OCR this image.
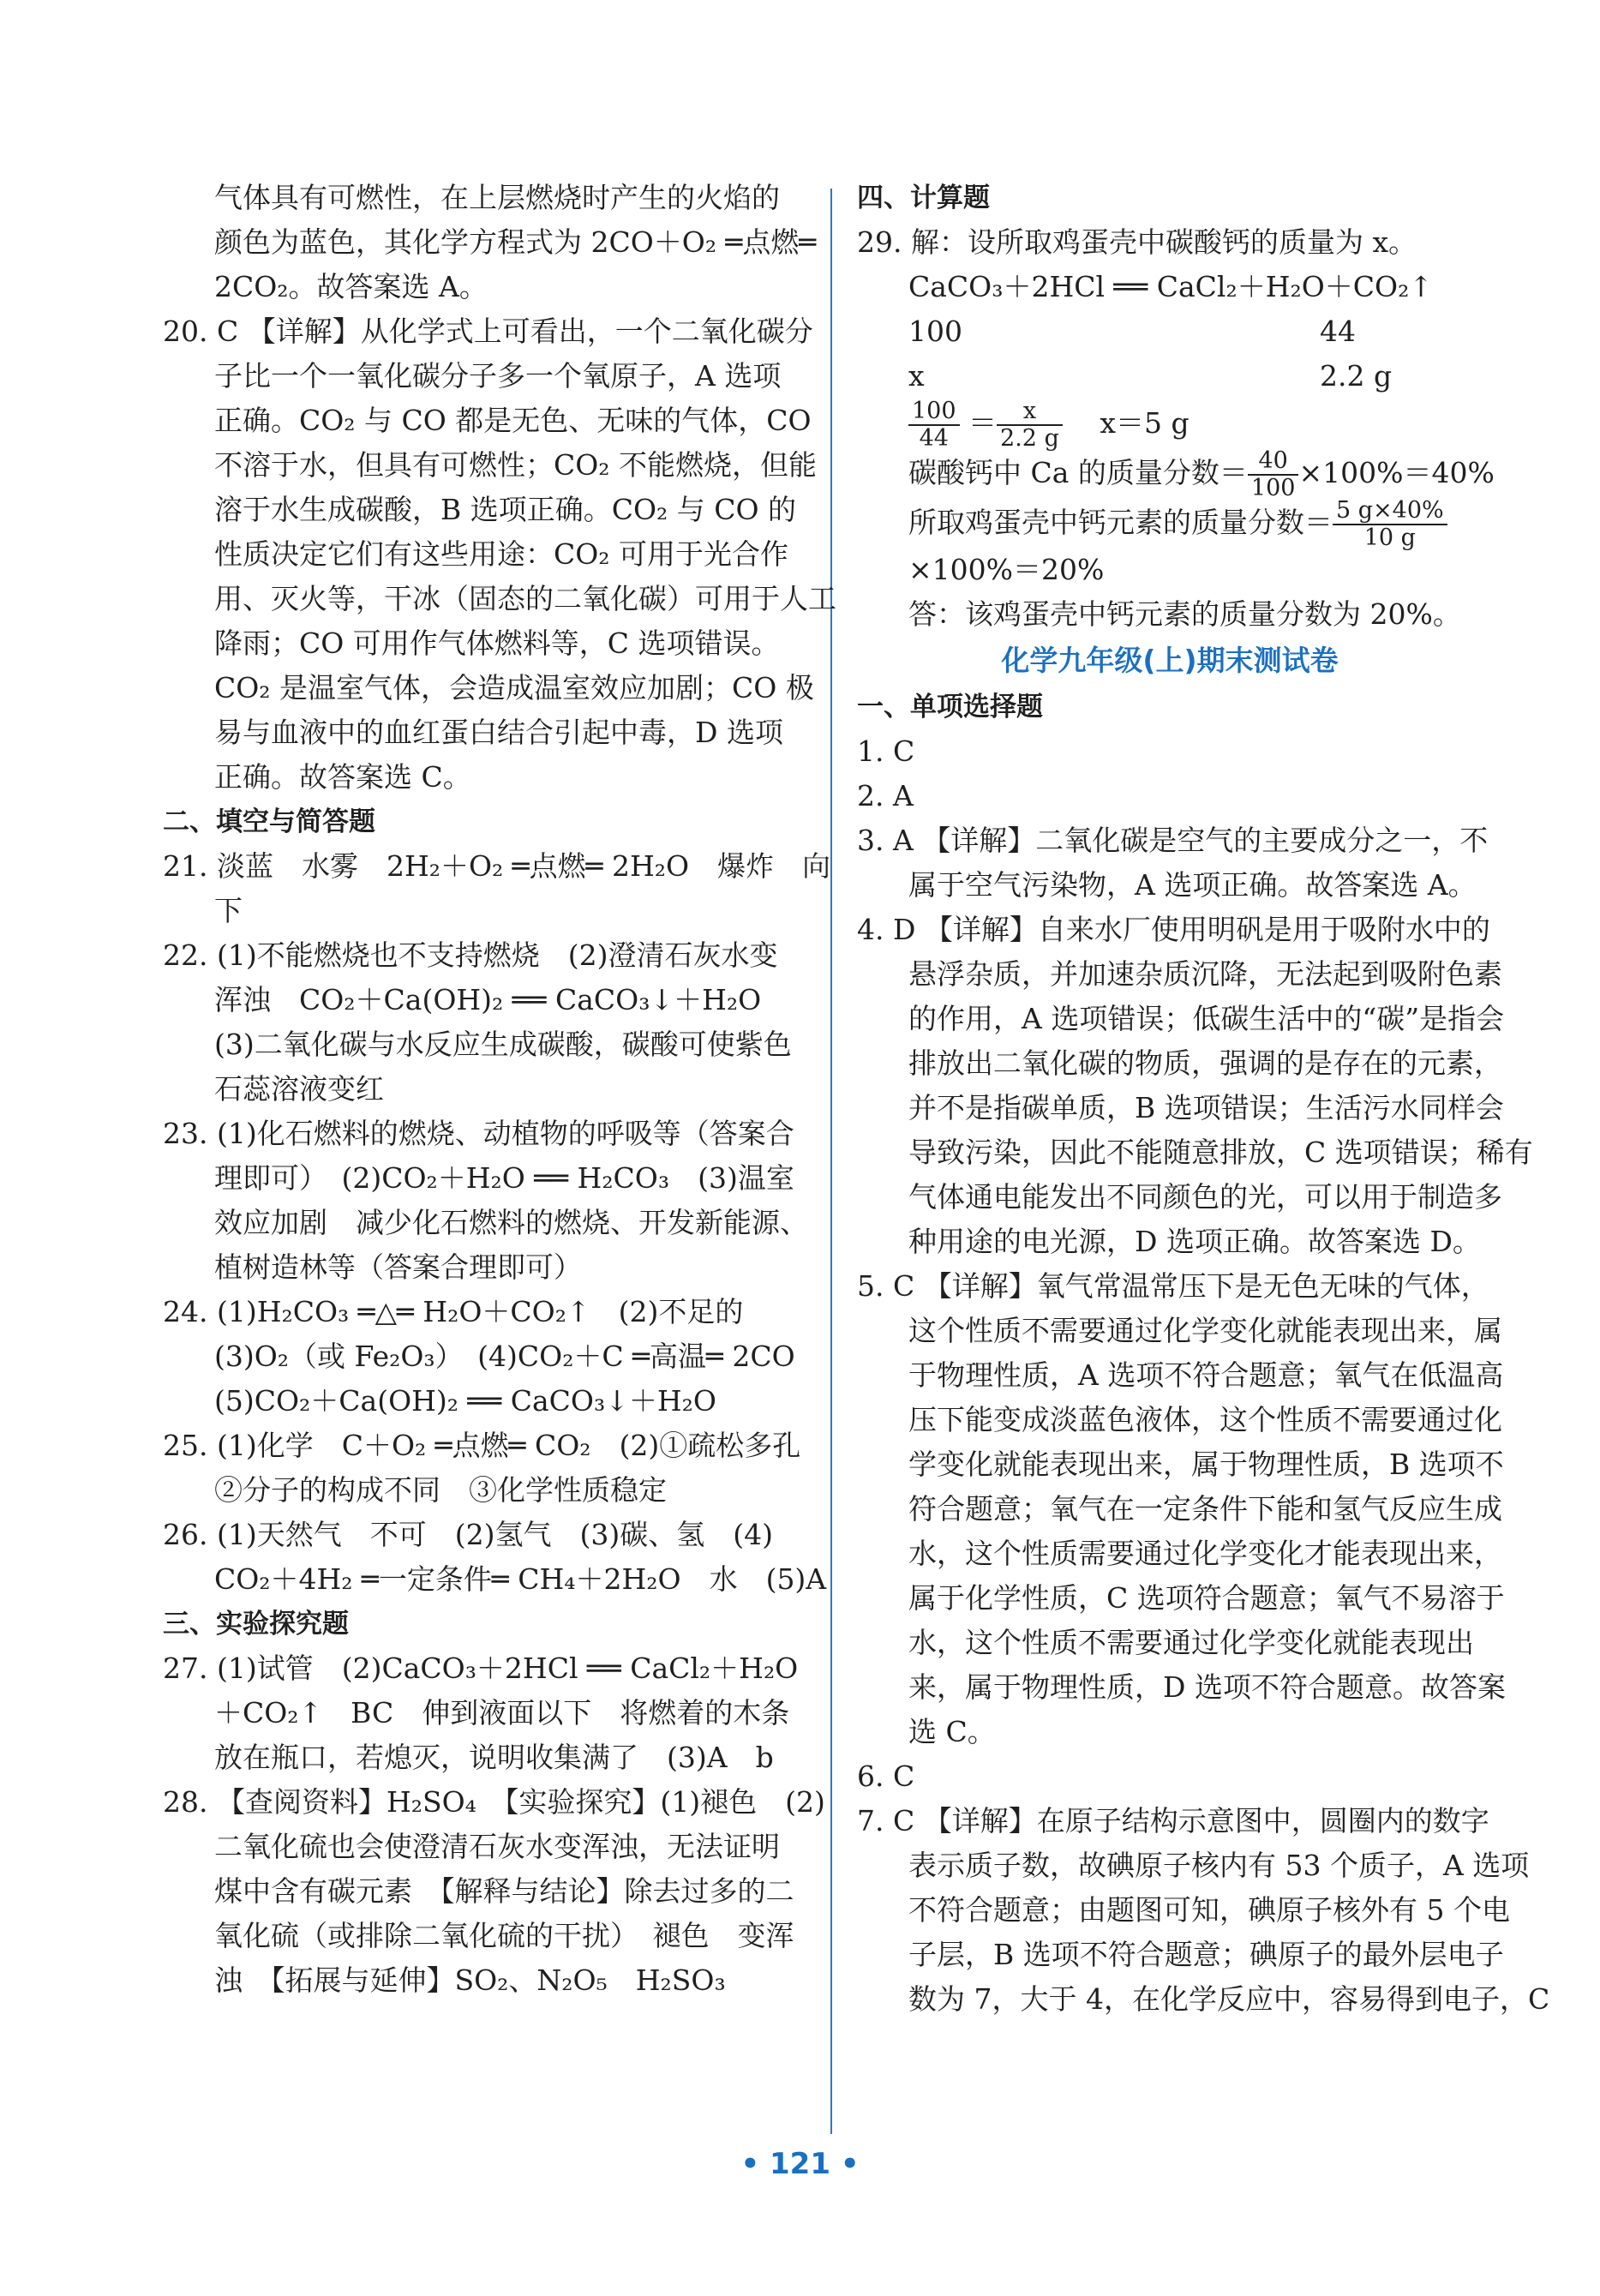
气体具有可燃性，在上层燃烧时产生的火焰的
颜色为蓝色，其化学方程式为 2CO＋O₂ ═点燃═
2CO₂。故答案选 A。
20. C 【详解】从化学式上可看出，一个二氧化碳分
子比一个一氧化碳分子多一个氧原子，A 选项
正确。CO₂ 与 CO 都是无色、无味的气体，CO
不溶于水，但具有可燃性；CO₂ 不能燃烧，但能
溶于水生成碳酸，B 选项正确。CO₂ 与 CO 的
性质决定它们有这些用途：CO₂ 可用于光合作
用、灭火等，干冰（固态的二氧化碳）可用于人工
降雨；CO 可用作气体燃料等，C 选项错误。
CO₂ 是温室气体，会造成温室效应加剧；CO 极
易与血液中的血红蛋白结合引起中毒，D 选项
正确。故答案选 C。
二、填空与简答题
21. 淡蓝　水雾　2H₂＋O₂ ═点燃═ 2H₂O　爆炸　向
下
22. (1)不能燃烧也不支持燃烧　(2)澄清石灰水变
浑浊　CO₂＋Ca(OH)₂ ══ CaCO₃↓＋H₂O
(3)二氧化碳与水反应生成碳酸，碳酸可使紫色
石蕊溶液变红
23. (1)化石燃料的燃烧、动植物的呼吸等（答案合
理即可）　(2)CO₂＋H₂O ══ H₂CO₃　(3)温室
效应加剧　减少化石燃料的燃烧、开发新能源、
植树造林等（答案合理即可）
24. (1)H₂CO₃ ═△═ H₂O＋CO₂↑　(2)不足的
(3)O₂（或 Fe₂O₃）　(4)CO₂＋C ═高温═ 2CO
(5)CO₂＋Ca(OH)₂ ══ CaCO₃↓＋H₂O
25. (1)化学　C＋O₂ ═点燃═ CO₂　(2)①疏松多孔
②分子的构成不同　③化学性质稳定
26. (1)天然气　不可　(2)氢气　(3)碳、氢　(4)
CO₂＋4H₂ ═一定条件═ CH₄＋2H₂O　水　(5)A
三、实验探究题
27. (1)试管　(2)CaCO₃＋2HCl ══ CaCl₂＋H₂O
＋CO₂↑　BC　伸到液面以下　将燃着的木条
放在瓶口，若熄灭，说明收集满了　(3)A　b
28. 【查阅资料】H₂SO₄　【实验探究】(1)褪色　(2)
二氧化硫也会使澄清石灰水变浑浊，无法证明
煤中含有碳元素　【解释与结论】除去过多的二
氧化硫（或排除二氧化硫的干扰）　褪色　变浑
浊　【拓展与延伸】SO₂、N₂O₅　H₂SO₃
四、计算题
29. 解：设所取鸡蛋壳中碳酸钙的质量为 x。
CaCO₃＋2HCl ══ CaCl₂＋H₂O＋CO₂↑
100	44
x	2.2 g
$\frac{100}{44} = \frac{x}{2.2 g}$
　 x＝5 g
碳酸钙中 Ca 的质量分数＝ $\frac{40}{100} \times 100\%=40\%$
所取鸡蛋壳中钙元素的质量分数＝ $\frac{5 g\times 40\%}{10 g}$
×100%＝20%
答：该鸡蛋壳中钙元素的质量分数为 20%。
化学九年级(上)期末测试卷
一、单项选择题
1. C
2. A
3. A 【详解】二氧化碳是空气的主要成分之一，不
属于空气污染物，A 选项正确。故答案选 A。
4. D 【详解】自来水厂使用明矾是用于吸附水中的
悬浮杂质，并加速杂质沉降，无法起到吸附色素
的作用，A 选项错误；低碳生活中的“碳”是指会
排放出二氧化碳的物质，强调的是存在的元素，
并不是指碳单质，B 选项错误；生活污水同样会
导致污染，因此不能随意排放，C 选项错误；稀有
气体通电能发出不同颜色的光，可以用于制造多
种用途的电光源，D 选项正确。故答案选 D。
5. C 【详解】氧气常温常压下是无色无味的气体，
这个性质不需要通过化学变化就能表现出来，属
于物理性质，A 选项不符合题意；氧气在低温高
压下能变成淡蓝色液体，这个性质不需要通过化
学变化就能表现出来，属于物理性质，B 选项不
符合题意；氧气在一定条件下能和氢气反应生成
水，这个性质需要通过化学变化才能表现出来，
属于化学性质，C 选项符合题意；氧气不易溶于
水，这个性质不需要通过化学变化就能表现出
来，属于物理性质，D 选项不符合题意。故答案
选 C。
6. C
7. C 【详解】在原子结构示意图中，圆圈内的数字
表示质子数，故碘原子核内有 53 个质子，A 选项
不符合题意；由题图可知，碘原子核外有 5 个电
子层，B 选项不符合题意；碘原子的最外层电子
数为 7，大于 4，在化学反应中，容易得到电子，C
• 121 •
